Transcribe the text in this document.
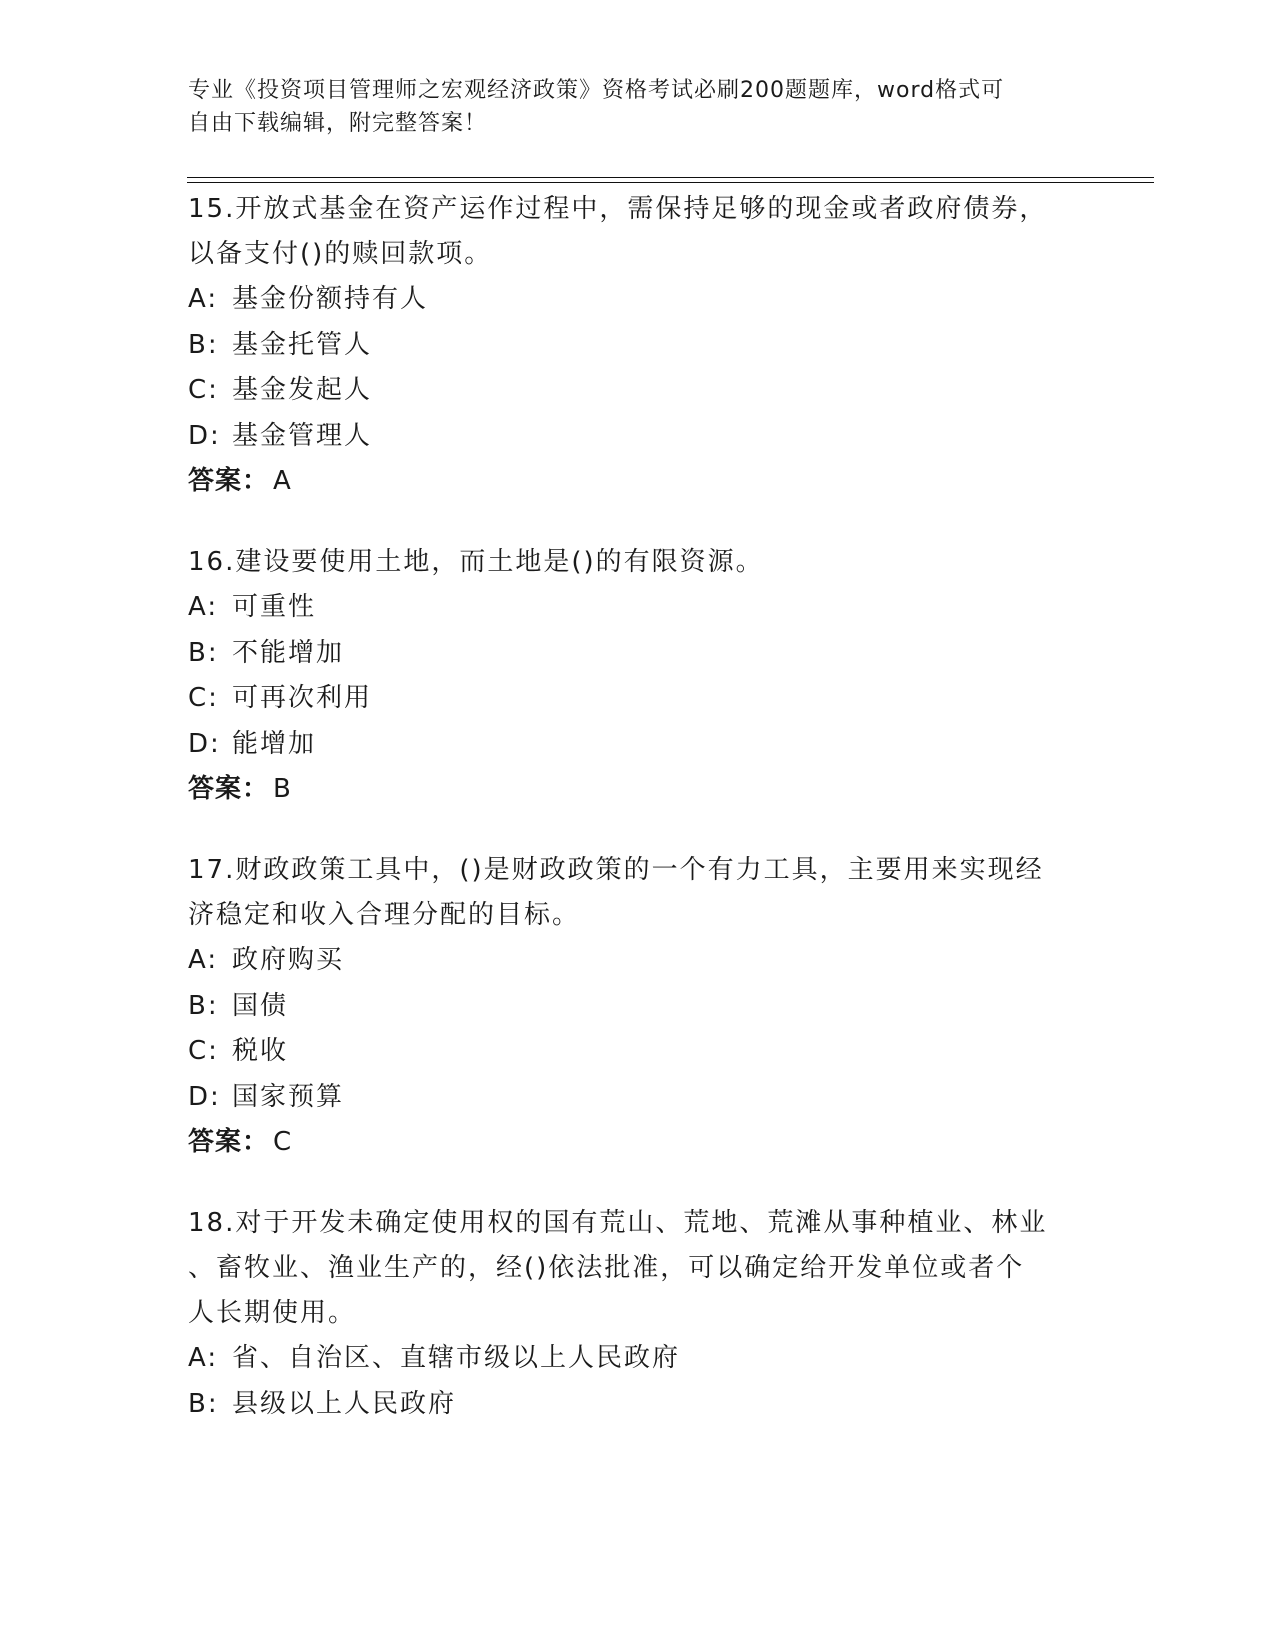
专业《投资项目管理师之宏观经济政策》资格考试必刷200题题库，word格式可
自由下载编辑，附完整答案！
15.开放式基金在资产运作过程中，需保持足够的现金或者政府债券，
以备支付()的赎回款项。
A: 基金份额持有人
B: 基金托管人
C: 基金发起人
D: 基金管理人
答案： A
16.建设要使用土地，而土地是()的有限资源。
A: 可重性
B: 不能增加
C: 可再次利用
D: 能增加
答案： B
17.财政政策工具中，()是财政政策的一个有力工具，主要用来实现经
济稳定和收入合理分配的目标。
A: 政府购买
B: 国债
C: 税收
D: 国家预算
答案： C
18.对于开发未确定使用权的国有荒山、荒地、荒滩从事种植业、林业
、畜牧业、渔业生产的，经()依法批准，可以确定给开发单位或者个
人长期使用。
A: 省、自治区、直辖市级以上人民政府
B: 县级以上人民政府
